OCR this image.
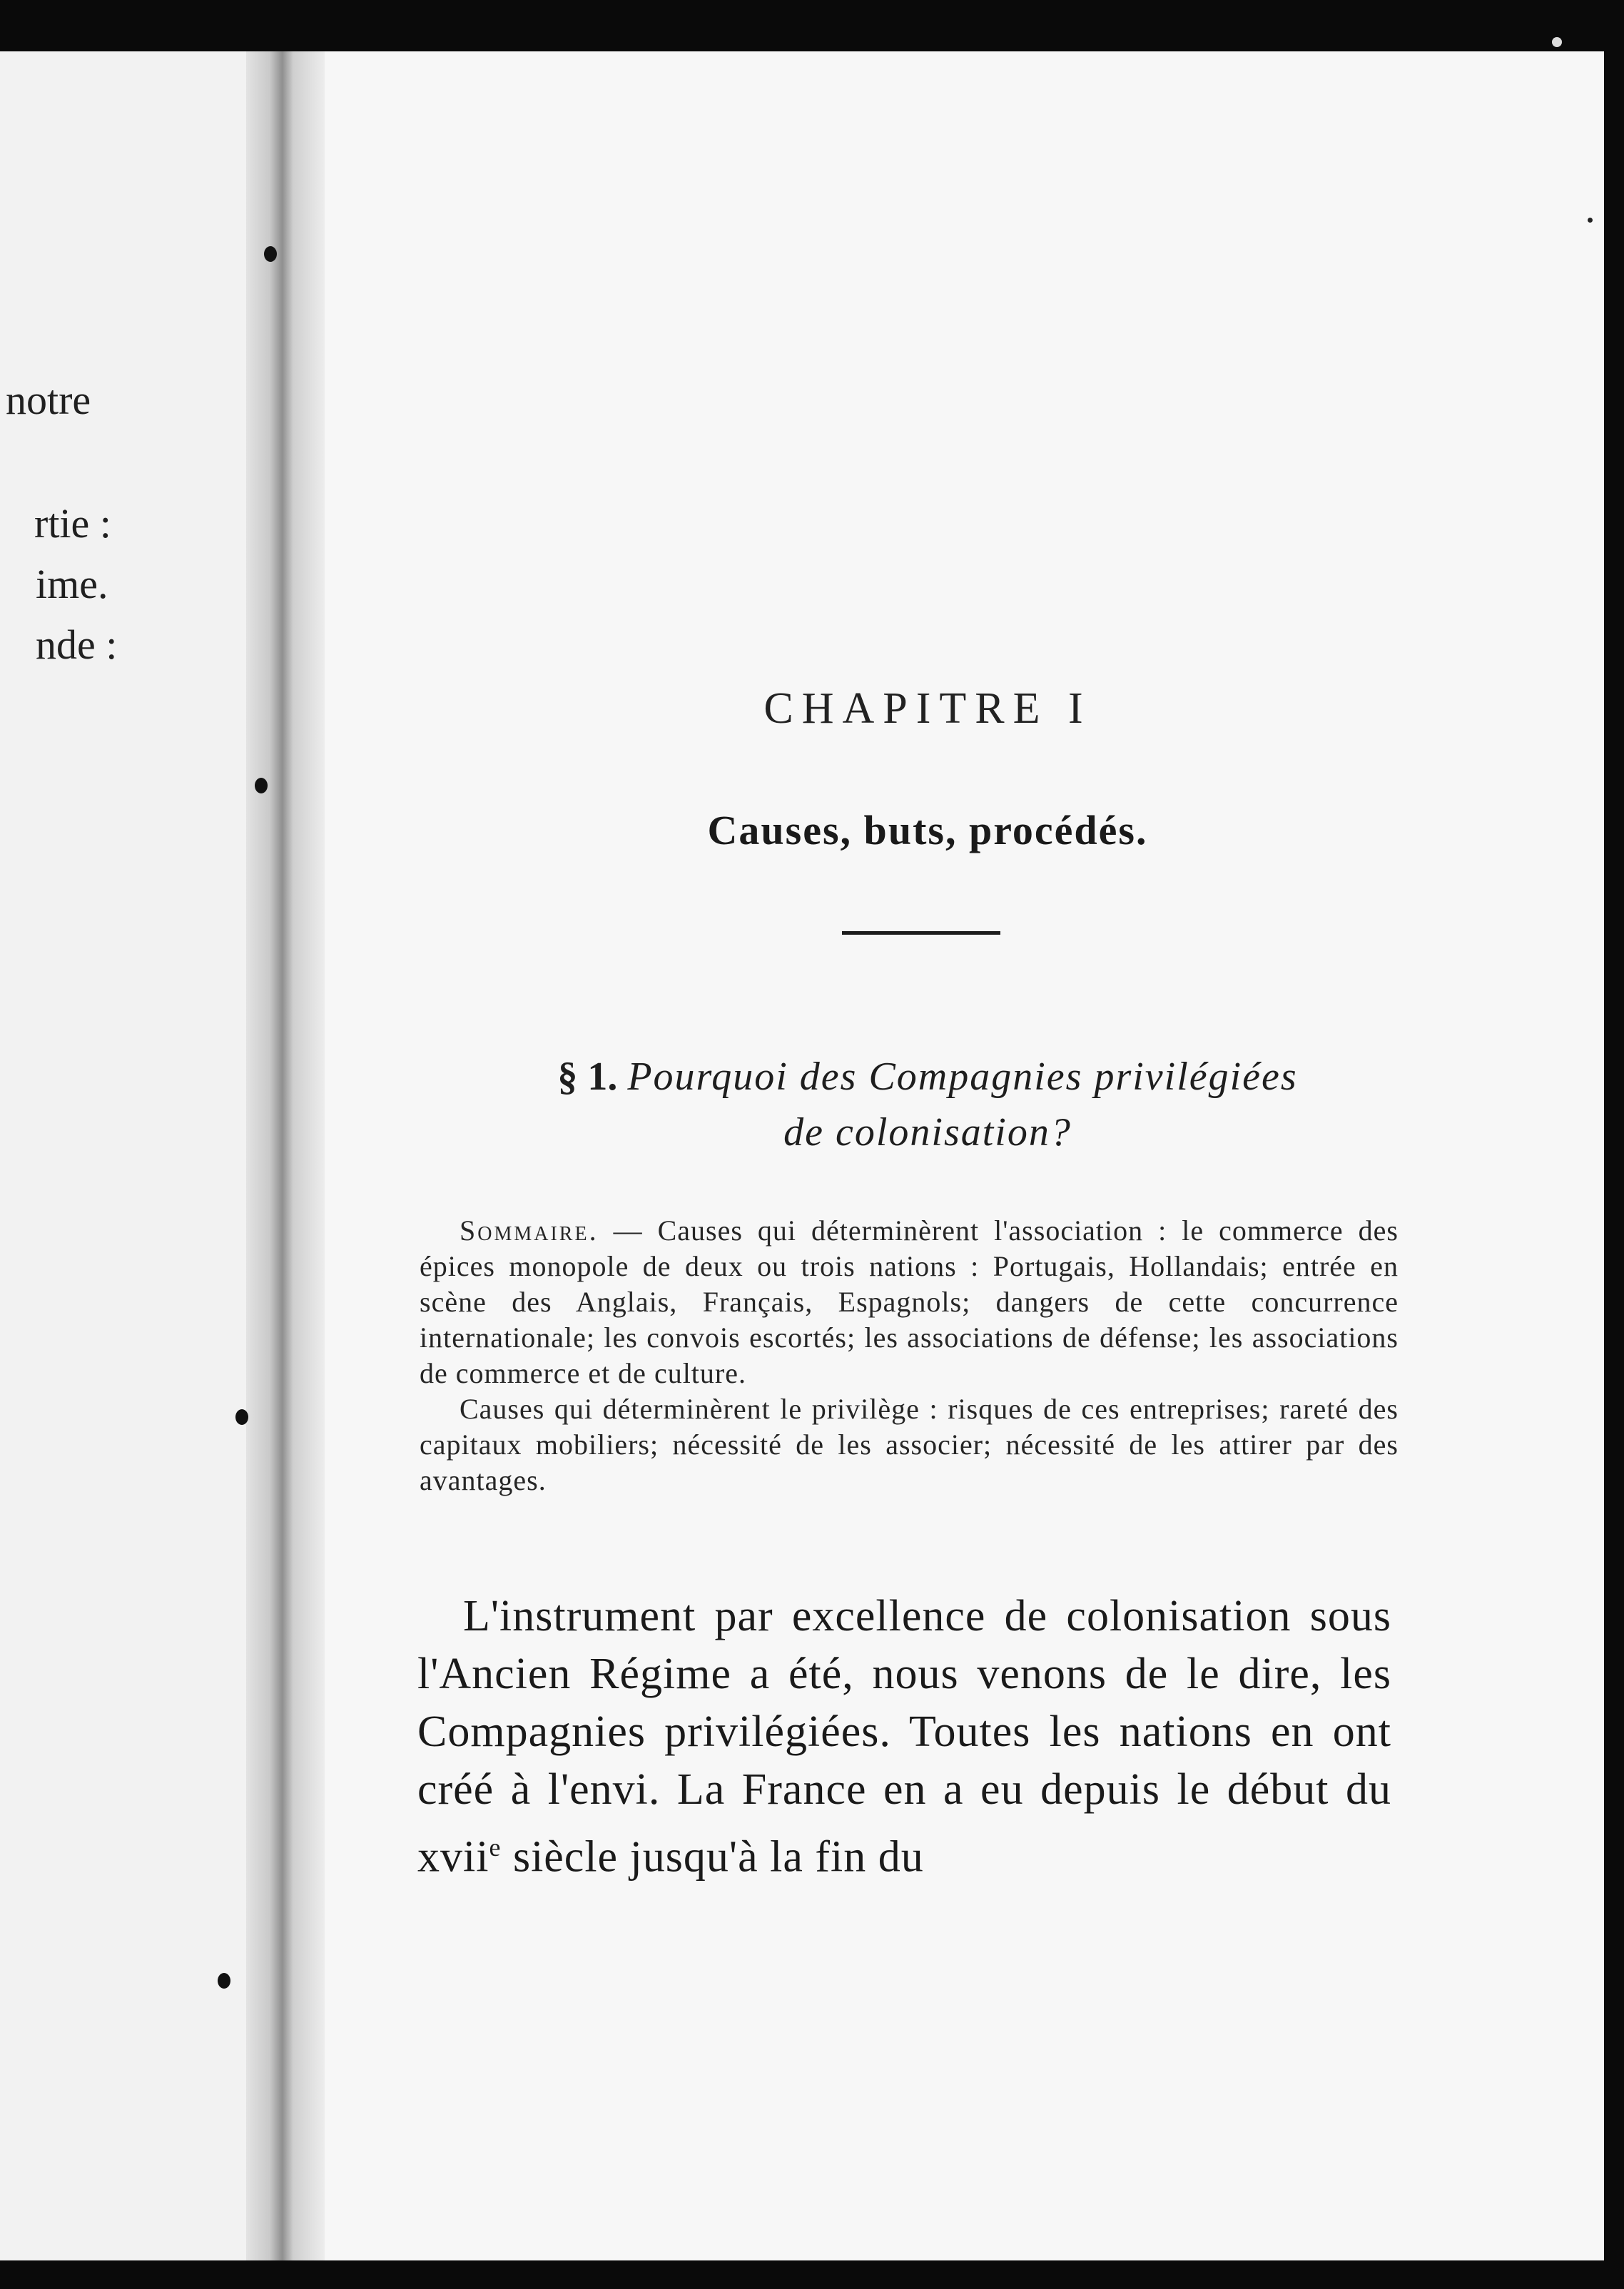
notre
rtie :
ime.
nde :
CHAPITRE I
Causes, buts, procédés.
§ 1. Pourquoi des Compagnies privilégiées
de colonisation?

Sommaire. — Causes qui déterminèrent l'association : le commerce des épices monopole de deux ou trois nations : Portugais, Hollandais; entrée en scène des Anglais, Français, Espagnols; dangers de cette concurrence internationale; les convois escortés; les associations de défense; les associations de commerce et de culture.

Causes qui déterminèrent le privilège : risques de ces entreprises; rareté des capitaux mobiliers; nécessité de les associer; nécessité de les attirer par des avantages.

L'instrument par excellence de colonisation sous l'Ancien Régime a été, nous venons de le dire, les Compagnies privilégiées. Toutes les nations en ont créé à l'envi. La France en a eu depuis le début du xvii$^e$ siècle jusqu'à la fin du
